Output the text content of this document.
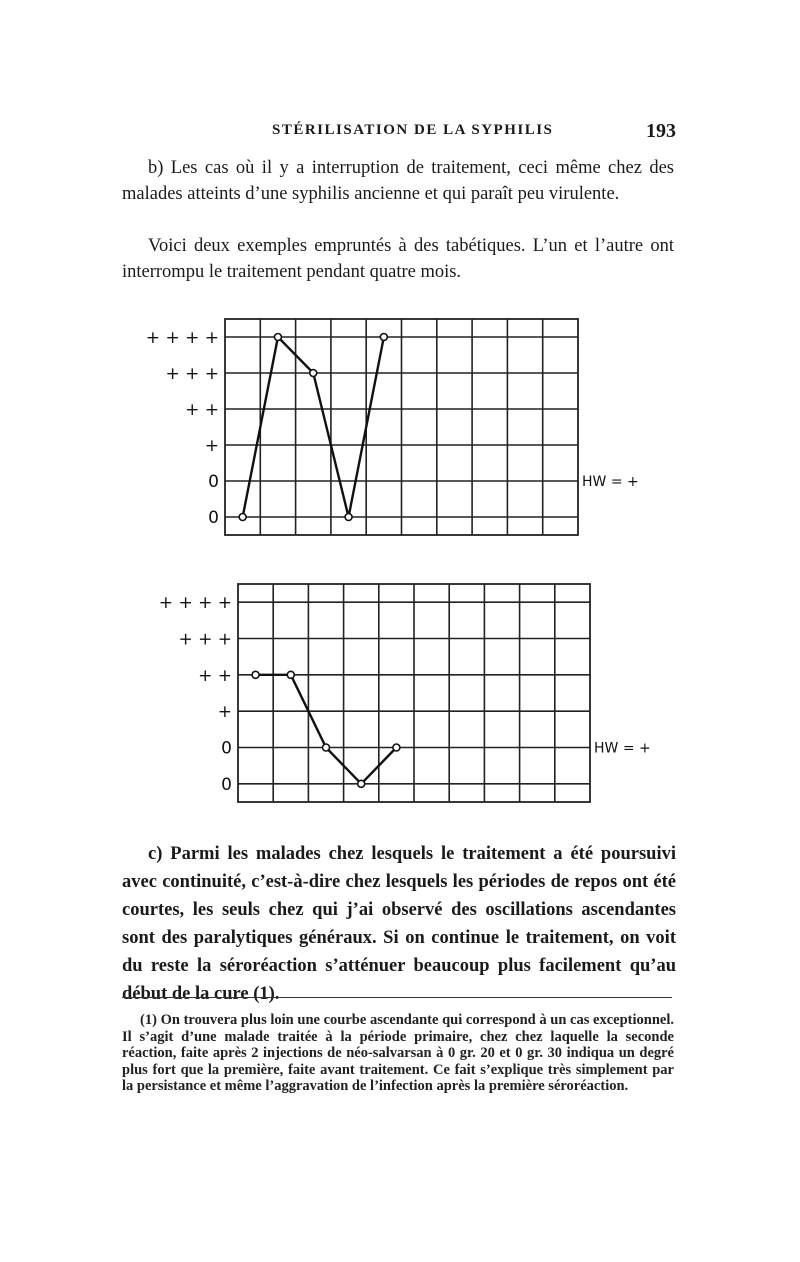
STÉRILISATION DE LA SYPHILIS	193

b) Les cas où il y a interruption de traitement, ceci même chez des malades atteints d’une syphilis ancienne et qui paraît peu virulente.

Voici deux exemples empruntés à des tabétiques. L’un et l’autre ont interrompu le traitement pendant quatre mois.

0
0
+
+ +
+ + +
+ + + +
HW = +
0
0
+
+ +
+ + +
+ + + +
HW = +

c) Parmi les malades chez lesquels le traitement a été poursuivi avec continuité, c’est-à-dire chez lesquels les périodes de repos ont été courtes, les seuls chez qui j’ai observé des oscillations ascendantes sont des paralytiques généraux. Si on continue le traitement, on voit du reste la séroréaction s’atténuer beaucoup plus facilement qu’au début de la cure (1).

(1) On trouvera plus loin une courbe ascendante qui correspond à un cas exceptionnel. Il s’agit d’une malade traitée à la période primaire, chez chez laquelle la seconde réaction, faite après 2 injections de néo-salvarsan à 0 gr. 20 et 0 gr. 30 indiqua un degré plus fort que la première, faite avant traitement. Ce fait s’explique très simplement par la persistance et même l’aggravation de l’infection après la première séroréaction.
